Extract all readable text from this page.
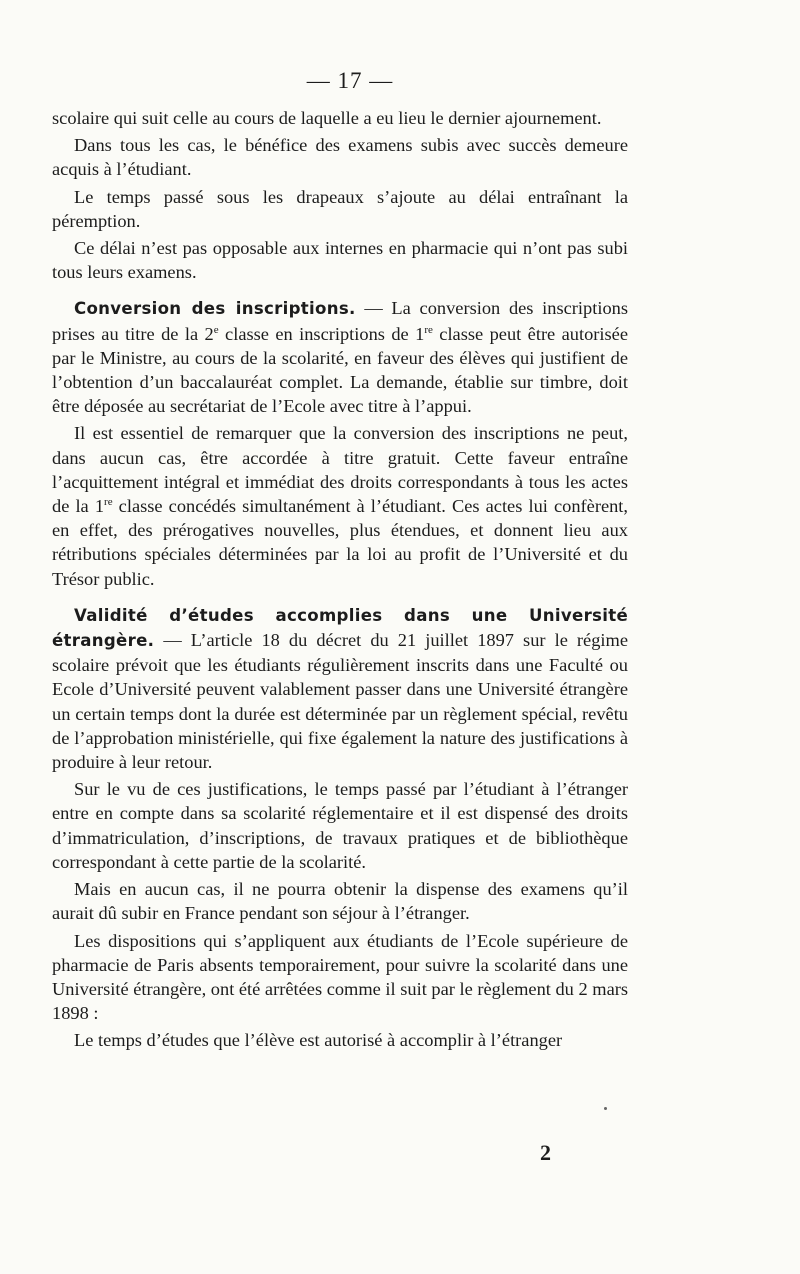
— 17 —

scolaire qui suit celle au cours de laquelle a eu lieu le dernier ajournement.

Dans tous les cas, le bénéfice des examens subis avec succès demeure acquis à l’étudiant.

Le temps passé sous les drapeaux s’ajoute au délai entraînant la péremption.

Ce délai n’est pas opposable aux internes en pharmacie qui n’ont pas subi tous leurs examens.

Conversion des inscriptions. — La conversion des inscriptions prises au titre de la 2e classe en inscriptions de 1re classe peut être autorisée par le Ministre, au cours de la scolarité, en faveur des élèves qui justifient de l’obtention d’un baccalauréat complet. La demande, établie sur timbre, doit être déposée au secrétariat de l’Ecole avec titre à l’appui.

Il est essentiel de remarquer que la conversion des inscriptions ne peut, dans aucun cas, être accordée à titre gratuit. Cette faveur entraîne l’acquittement intégral et immédiat des droits correspondants à tous les actes de la 1re classe concédés simultanément à l’étudiant. Ces actes lui confèrent, en effet, des prérogatives nouvelles, plus étendues, et donnent lieu aux rétributions spéciales déterminées par la loi au profit de l’Université et du Trésor public.

Validité d’études accomplies dans une Université étrangère. — L’article 18 du décret du 21 juillet 1897 sur le régime scolaire prévoit que les étudiants régulièrement inscrits dans une Faculté ou Ecole d’Université peuvent valablement passer dans une Université étrangère un certain temps dont la durée est déterminée par un règlement spécial, revêtu de l’approbation ministérielle, qui fixe également la nature des justifications à produire à leur retour.

Sur le vu de ces justifications, le temps passé par l’étudiant à l’étranger entre en compte dans sa scolarité réglementaire et il est dispensé des droits d’immatriculation, d’inscriptions, de travaux pratiques et de bibliothèque correspondant à cette partie de la scolarité.

Mais en aucun cas, il ne pourra obtenir la dispense des examens qu’il aurait dû subir en France pendant son séjour à l’étranger.

Les dispositions qui s’appliquent aux étudiants de l’Ecole supérieure de pharmacie de Paris absents temporairement, pour suivre la scolarité dans une Université étrangère, ont été arrêtées comme il suit par le règlement du 2 mars 1898 :

Le temps d’études que l’élève est autorisé à accomplir à l’étranger

2
